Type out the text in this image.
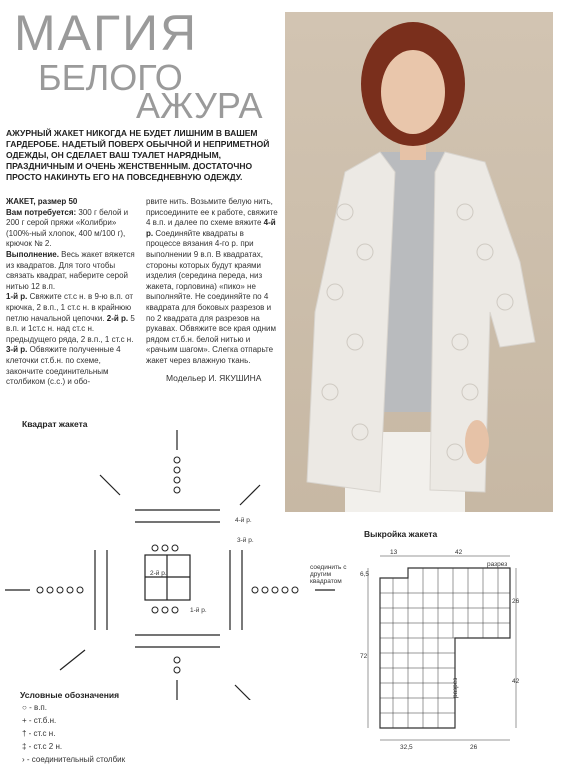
МАГИЯ
БЕЛОГО
АЖУРА
АЖУРНЫЙ ЖАКЕТ НИКОГДА НЕ БУДЕТ ЛИШНИМ В ВАШЕМ ГАРДЕРОБЕ. НАДЕТЫЙ ПОВЕРХ ОБЫЧНОЙ И НЕПРИМЕТНОЙ ОДЕЖДЫ, ОН СДЕЛАЕТ ВАШ ТУАЛЕТ НАРЯДНЫМ, ПРАЗДНИЧНЫМ И ОЧЕНЬ ЖЕНСТВЕННЫМ. ДОСТАТОЧНО ПРОСТО НАКИНУТЬ ЕГО НА ПОВСЕДНЕВНУЮ ОДЕЖДУ.
ЖАКЕТ, размер 50
Вам потребуется: 300 г белой и 200 г серой пряжи «Колибри» (100%-ный хлопок, 400 м/100 г), крючок № 2.
Выполнение. Весь жакет вяжется из квадратов. Для того чтобы связать квадрат, наберите серой нитью 12 в.п.
1-й р. Свяжите ст.с н. в 9-ю в.п. от крючка, 2 в.п., 1 ст.с н. в крайнюю петлю начальной цепочки. 2-й р. 5 в.п. и 1ст.с н. над ст.с н. предыдущего ряда, 2 в.п., 1 ст.с н. 3-й р. Обвяжите полученные 4 клеточки ст.б.н. по схеме, закончите соединительным столбиком (с.с.) и обо-
рвите нить. Возьмите белую нить, присоедините ее к работе, свяжите 4 в.п. и далее по схеме вяжите 4-й р. Соединяйте квадраты в процессе вязания 4-го р. при выполнении 9 в.п. В квадратах, стороны которых будут краями изделия (середина переда, низ жакета, горловина) «пико» не выполняйте. Не соединяйте по 4 квадрата для боковых разрезов и по 2 квадрата для разрезов на рукавах. Обвяжите все края одним рядом ст.б.н. белой нитью и «рачьим шагом». Слегка отпарьте жакет через влажную ткань.
Модельер И. ЯКУШИНА
Квадрат жакета
4-й р.
3-й р.
2-й р.
1-й р.
Условные обозначения
○ - в.п.
+ - ст.б.н.
† - ст.с н.
‡ - ст.с 2 н.
› - соединительный столбик
Выкройка жакета
соединить с другим квадратом
13	42
32,5	26
6,5
72
26
42
разрез
разрез
